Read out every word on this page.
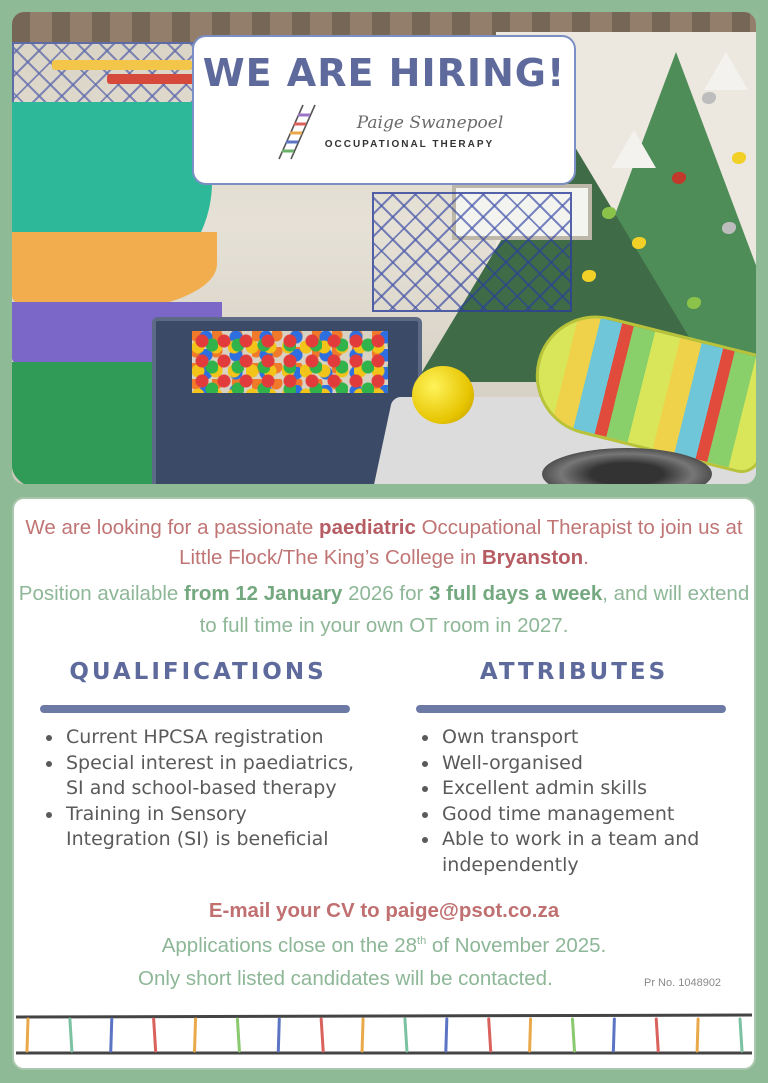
WE ARE HIRING!
Paige Swanepoel
OCCUPATIONAL THERAPY

We are looking for a passionate paediatric Occupational Therapist to join us at Little Flock/The King’s College in Bryanston.

Position available from 12 January 2026 for 3 full days a week, and will extend to full time in your own OT room in 2027.

QUALIFICATIONS
Current HPCSA registration
Special interest in paediatrics, SI and school-based therapy
Training in Sensory Integration (SI) is beneficial
ATTRIBUTES
Own transport
Well-organised
Excellent admin skills
Good time management
Able to work in a team and independently
E-mail your CV to paige@psot.co.za
Applications close on the 28th of November 2025.
Only short listed candidates will be contacted.	Pr No. 1048902
